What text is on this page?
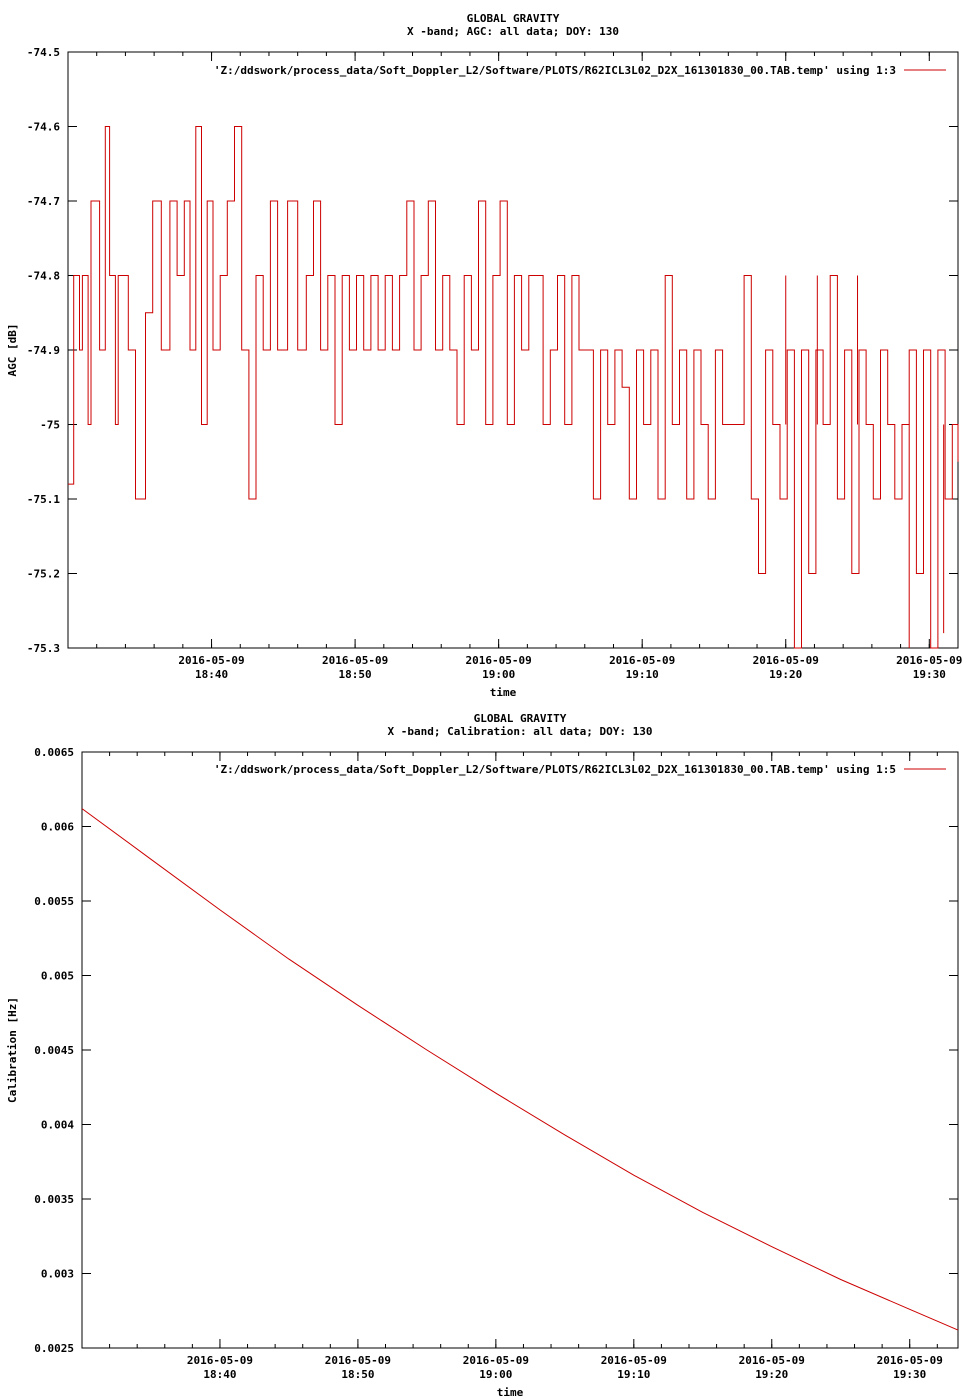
GLOBAL GRAVITY
X -band; AGC: all data; DOY: 130
-74.5
-74.6
-74.7
-74.8
-74.9
-75
-75.1
-75.2
-75.3
2016-05-09
18:40
2016-05-09
18:50
2016-05-09
19:00
2016-05-09
19:10
2016-05-09
19:20
2016-05-09
19:30
time
AGC [dB]
'Z:/ddswork/process_data/Soft_Doppler_L2/Software/PLOTS/R62ICL3L02_D2X_161301830_00.TAB.temp' using 1:3
GLOBAL GRAVITY
X -band; Calibration: all data; DOY: 130
0.0065
0.006
0.0055
0.005
0.0045
0.004
0.0035
0.003
0.0025
2016-05-09
18:40
2016-05-09
18:50
2016-05-09
19:00
2016-05-09
19:10
2016-05-09
19:20
2016-05-09
19:30
time
Calibration [Hz]
'Z:/ddswork/process_data/Soft_Doppler_L2/Software/PLOTS/R62ICL3L02_D2X_161301830_00.TAB.temp' using 1:5
